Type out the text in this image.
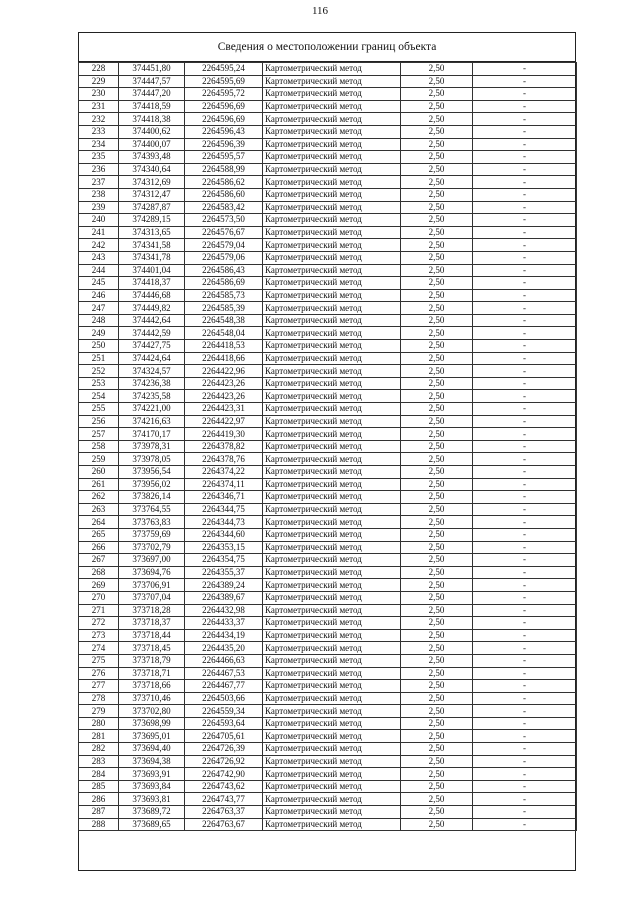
116
Сведения о местоположении границ объекта
228	374451,80	2264595,24	Картометрический метод	2,50	-
229	374447,57	2264595,69	Картометрический метод	2,50	-
230	374447,20	2264595,72	Картометрический метод	2,50	-
231	374418,59	2264596,69	Картометрический метод	2,50	-
232	374418,38	2264596,69	Картометрический метод	2,50	-
233	374400,62	2264596,43	Картометрический метод	2,50	-
234	374400,07	2264596,39	Картометрический метод	2,50	-
235	374393,48	2264595,57	Картометрический метод	2,50	-
236	374340,64	2264588,99	Картометрический метод	2,50	-
237	374312,69	2264586,62	Картометрический метод	2,50	-
238	374312,47	2264586,60	Картометрический метод	2,50	-
239	374287,87	2264583,42	Картометрический метод	2,50	-
240	374289,15	2264573,50	Картометрический метод	2,50	-
241	374313,65	2264576,67	Картометрический метод	2,50	-
242	374341,58	2264579,04	Картометрический метод	2,50	-
243	374341,78	2264579,06	Картометрический метод	2,50	-
244	374401,04	2264586,43	Картометрический метод	2,50	-
245	374418,37	2264586,69	Картометрический метод	2,50	-
246	374446,68	2264585,73	Картометрический метод	2,50	-
247	374449,82	2264585,39	Картометрический метод	2,50	-
248	374442,64	2264548,38	Картометрический метод	2,50	-
249	374442,59	2264548,04	Картометрический метод	2,50	-
250	374427,75	2264418,53	Картометрический метод	2,50	-
251	374424,64	2264418,66	Картометрический метод	2,50	-
252	374324,57	2264422,96	Картометрический метод	2,50	-
253	374236,38	2264423,26	Картометрический метод	2,50	-
254	374235,58	2264423,26	Картометрический метод	2,50	-
255	374221,00	2264423,31	Картометрический метод	2,50	-
256	374216,63	2264422,97	Картометрический метод	2,50	-
257	374170,17	2264419,30	Картометрический метод	2,50	-
258	373978,31	2264378,82	Картометрический метод	2,50	-
259	373978,05	2264378,76	Картометрический метод	2,50	-
260	373956,54	2264374,22	Картометрический метод	2,50	-
261	373956,02	2264374,11	Картометрический метод	2,50	-
262	373826,14	2264346,71	Картометрический метод	2,50	-
263	373764,55	2264344,75	Картометрический метод	2,50	-
264	373763,83	2264344,73	Картометрический метод	2,50	-
265	373759,69	2264344,60	Картометрический метод	2,50	-
266	373702,79	2264353,15	Картометрический метод	2,50	-
267	373697,00	2264354,75	Картометрический метод	2,50	-
268	373694,76	2264355,37	Картометрический метод	2,50	-
269	373706,91	2264389,24	Картометрический метод	2,50	-
270	373707,04	2264389,67	Картометрический метод	2,50	-
271	373718,28	2264432,98	Картометрический метод	2,50	-
272	373718,37	2264433,37	Картометрический метод	2,50	-
273	373718,44	2264434,19	Картометрический метод	2,50	-
274	373718,45	2264435,20	Картометрический метод	2,50	-
275	373718,79	2264466,63	Картометрический метод	2,50	-
276	373718,71	2264467,53	Картометрический метод	2,50	-
277	373718,66	2264467,77	Картометрический метод	2,50	-
278	373710,46	2264503,66	Картометрический метод	2,50	-
279	373702,80	2264559,34	Картометрический метод	2,50	-
280	373698,99	2264593,64	Картометрический метод	2,50	-
281	373695,01	2264705,61	Картометрический метод	2,50	-
282	373694,40	2264726,39	Картометрический метод	2,50	-
283	373694,38	2264726,92	Картометрический метод	2,50	-
284	373693,91	2264742,90	Картометрический метод	2,50	-
285	373693,84	2264743,62	Картометрический метод	2,50	-
286	373693,81	2264743,77	Картометрический метод	2,50	-
287	373689,72	2264763,37	Картометрический метод	2,50	-
288	373689,65	2264763,67	Картометрический метод	2,50	-
